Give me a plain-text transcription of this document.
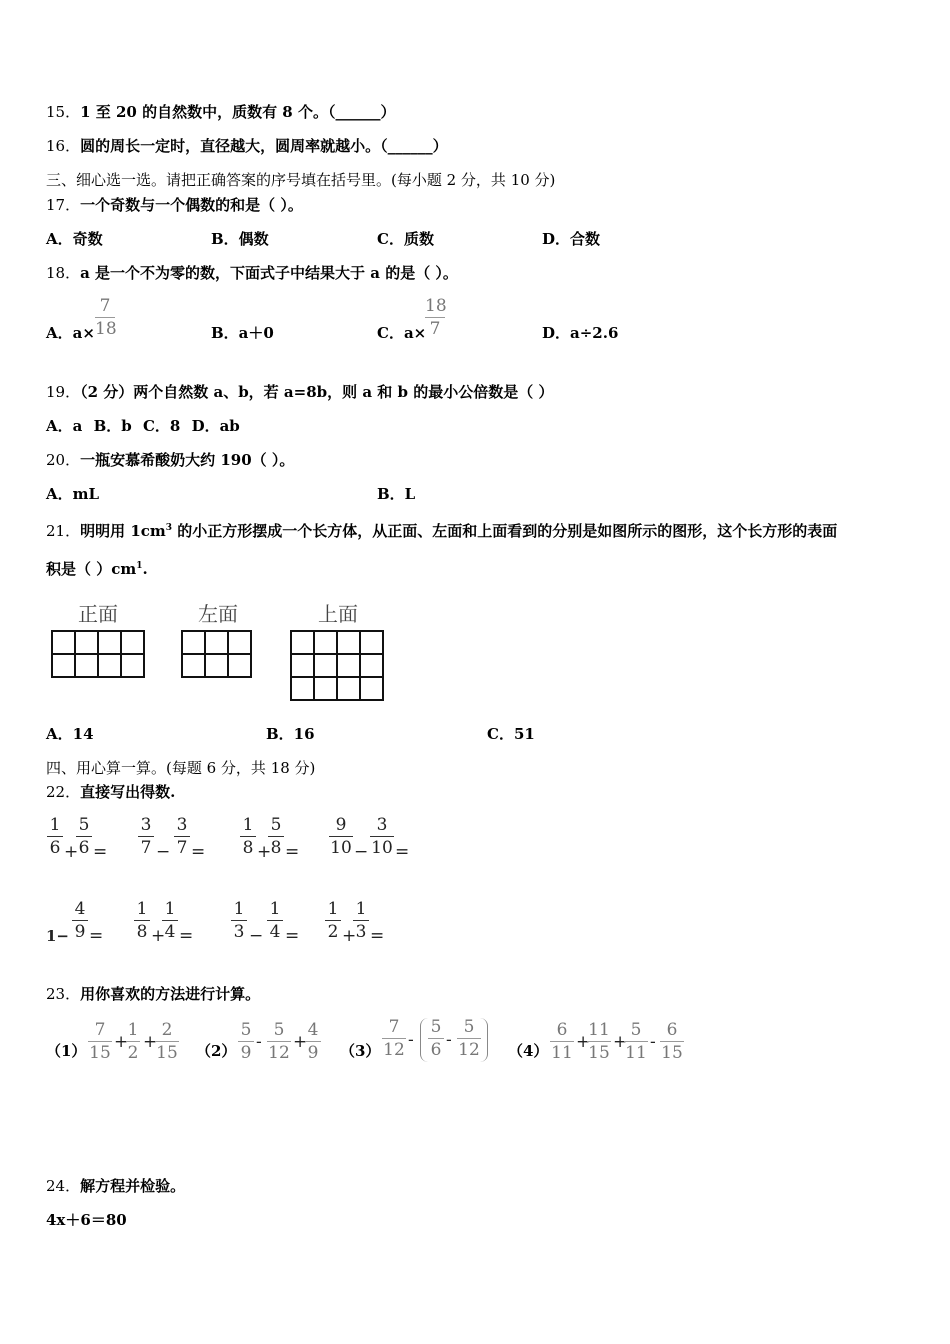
15．1 至 20 的自然数中，质数有 8 个。（______）
16．圆的周长一定时，直径越大，圆周率就越小。（______）
三、细心选一选。请把正确答案的序号填在括号里。(每小题 2 分，共 10 分)
17．一个奇数与一个偶数的和是（ ）。
A．奇数	B．偶数	C．质数	D．合数
18．a 是一个不为零的数，下面式子中结果大于 a 的是（ ）。
A．a×
7
18	B．a＋0	C．a×
18
7	D．a÷2.6
19．（2 分）两个自然数 a、b，若 a=8b，则 a 和 b 的最小公倍数是（ ）
A．a B．b C．8 D．ab
20．一瓶安慕希酸奶大约 190（ ）。
A．mL	B．L
21．明明用 $1cm^3$ 的小正方形摆成一个长方体，从正面、左面和上面看到的分别是如图所示的图形，这个长方形的表面
积是（ ）$cm^1$.
正面	左面	上面

A．14	B．16	C．51
四、用心算一算。(每题 6 分，共 18 分)
22．直接写出得数.
1
6 +
5
6 =
3
7 −
3
7 =
1
8 +
5
8 =
9
10 −
3
10 =
1−
4
9 =
1
8 +
1
4 =
1
3 −
1
4 =
1
2 +
1
3 =
23．用你喜欢的方法进行计算。
（1）
7
15
+
1
2
+
2
15 （2）
5
9
-
5
12
+
4
9 （3）
7
12 -
5
6 -
5
12 （4）
6
11
+
11
15
+
5
11
-
6
15
24．解方程并检验。
4x＋6＝80
